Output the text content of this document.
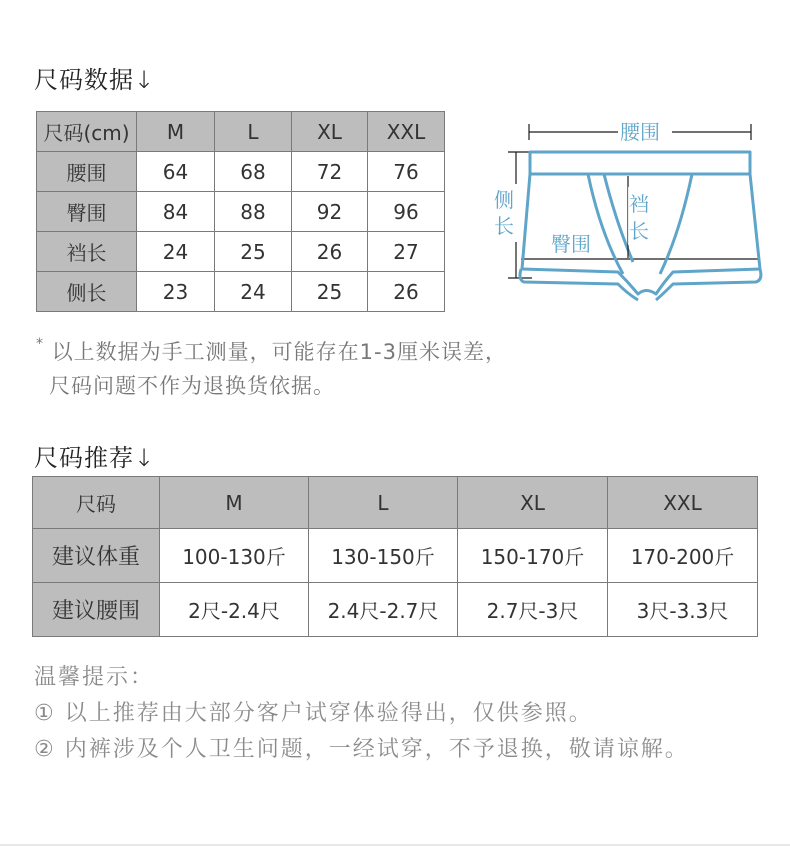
尺码数据↓
尺码(cm)	M	L	XL	XXL
腰围	64	68	72	76
臀围	84	88	92	96
裆长	24	25	26	27
侧长	23	24	25	26
腰围
侧
长
裆
长
臀围
* 以上数据为手工测量，可能存在1-3厘米误差，
尺码问题不作为退换货依据。
尺码推荐↓
尺码	M	L	XL	XXL
建议体重	100-130斤	130-150斤	150-170斤	170-200斤
建议腰围	2尺-2.4尺	2.4尺-2.7尺	2.7尺-3尺	3尺-3.3尺
温馨提示：
① 以上推荐由大部分客户试穿体验得出，仅供参照。
② 内裤涉及个人卫生问题，一经试穿，不予退换，敬请谅解。
